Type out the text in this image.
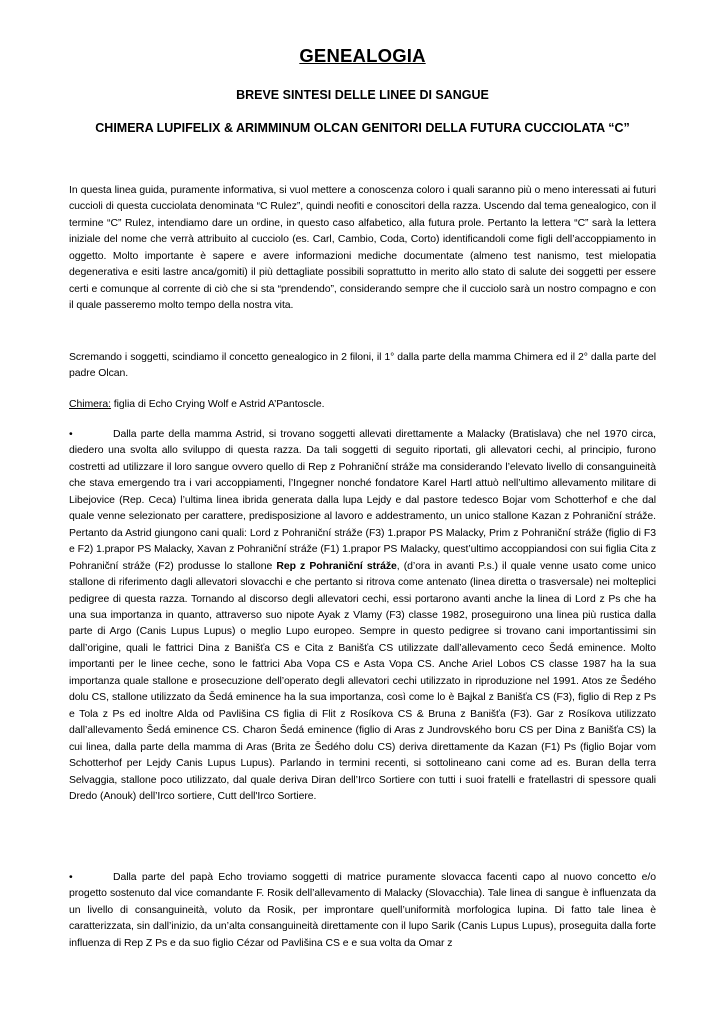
GENEALOGIA
BREVE SINTESI DELLE LINEE DI SANGUE
CHIMERA LUPIFELIX & ARIMMINUM OLCAN GENITORI DELLA FUTURA CUCCIOLATA “C”

In questa linea guida, puramente informativa, si vuol mettere a conoscenza coloro i quali saranno più o meno interessati ai futuri cuccioli di questa cucciolata denominata “C Rulez”, quindi neofiti e conoscitori della razza. Uscendo dal tema genealogico, con il termine “C” Rulez, intendiamo dare un ordine, in questo caso alfabetico, alla futura prole. Pertanto la lettera “C” sarà la lettera iniziale del nome che verrà attribuito al cucciolo (es. Carl, Cambio, Coda, Corto) identificandoli come figli dell’accoppiamento in oggetto. Molto importante è sapere e avere informazioni mediche documentate (almeno test nanismo, test mielopatia degenerativa e esiti lastre anca/gomiti) il più dettagliate possibili soprattutto in merito allo stato di salute dei soggetti per essere certi e comunque al corrente di ciò che si sta “prendendo”, considerando sempre che il cucciolo sarà un nostro compagno e con il quale passeremo molto tempo della nostra vita.

Scremando i soggetti, scindiamo il concetto genealogico in 2 filoni, il 1° dalla parte della mamma Chimera ed il 2° dalla parte del padre Olcan.

Chimera: figlia di Echo Crying Wolf e Astrid A’Pantoscle.

•	Dalla parte della mamma Astrid, si trovano soggetti allevati direttamente a Malacky (Bratislava) che nel 1970 circa, diedero una svolta allo sviluppo di questa razza. Da tali soggetti di seguito riportati, gli allevatori cechi, al principio, furono costretti ad utilizzare il loro sangue ovvero quello di Rep z Pohraniční stráže ma considerando l’elevato livello di consanguineità che stava emergendo tra i vari accoppiamenti, l’Ingegner nonché fondatore Karel Hartl attuò nell’ultimo allevamento militare di Libejovice (Rep. Ceca) l’ultima linea ibrida generata dalla lupa Lejdy e dal pastore tedesco Bojar vom Schotterhof e che dal quale venne selezionato per carattere, predisposizione al lavoro e addestramento, un unico stallone Kazan z Pohraniční stráže. Pertanto da Astrid giungono cani quali: Lord z Pohraniční stráže (F3) 1.prapor PS Malacky, Prim z Pohraniční stráže (figlio di F3 e F2) 1.prapor PS Malacky, Xavan z Pohraniční stráže (F1) 1.prapor PS Malacky, quest’ultimo accoppiandosi con sui figlia Cita z Pohraniční stráže (F2) produsse lo stallone Rep z Pohraniční stráže, (d’ora in avanti P.s.) il quale venne usato come unico stallone di riferimento dagli allevatori slovacchi e che pertanto si ritrova come antenato (linea diretta o trasversale) nei molteplici pedigree di questa razza. Tornando al discorso degli allevatori cechi, essi portarono avanti anche la linea di Lord z Ps che ha una sua importanza in quanto, attraverso suo nipote Ayak z Vlamy (F3) classe 1982, proseguirono una linea più rustica dalla parte di Argo (Canis Lupus Lupus) o meglio Lupo europeo. Sempre in questo pedigree si trovano cani importantissimi sin dall’origine, quali le fattrici Dina z Banišťa CS e Cita z Banišťa CS utilizzate dall’allevamento ceco Šedá eminence. Molto importanti per le linee ceche, sono le fattrici Aba Vopa CS e Asta Vopa CS. Anche Ariel Lobos CS classe 1987 ha la sua importanza quale stallone e prosecuzione dell’operato degli allevatori cechi utilizzato in riproduzione nel 1991. Atos ze Šedého dolu CS, stallone utilizzato da Šedá eminence ha la sua importanza, così come lo è Bajkal z Banišťa CS (F3), figlio di Rep z Ps e Tola z Ps ed inoltre Alda od Pavlišina CS figlia di Flit z Rosíkova CS & Bruna z Banišťa (F3). Gar z Rosíkova utilizzato dall’allevamento Šedá eminence CS. Charon Šedá eminence (figlio di Aras z Jundrovského boru CS per Dina z Banišťa CS) la cui linea, dalla parte della mamma di Aras (Brita ze Šedého dolu CS) deriva direttamente da Kazan (F1) Ps (figlio Bojar vom Schotterhof per Lejdy Canis Lupus Lupus). Parlando in termini recenti, si sottolineano cani come ad es. Buran della terra Selvaggia, stallone poco utilizzato, dal quale deriva Diran dell’Irco Sortiere con tutti i suoi fratelli e fratellastri di spessore quali Dredo (Anouk) dell’Irco sortiere, Cutt dell'Irco Sortiere.

•	Dalla parte del papà Echo troviamo soggetti di matrice puramente slovacca facenti capo al nuovo concetto e/o progetto sostenuto dal vice comandante F. Rosik dell’allevamento di Malacky (Slovacchia). Tale linea di sangue è influenzata da un livello di consanguineità, voluto da Rosik, per improntare quell’uniformità morfologica lupina. Di fatto tale linea è caratterizzata, sin dall’inizio, da un’alta consanguineità direttamente con il lupo Sarik (Canis Lupus Lupus), proseguita dalla forte influenza di Rep Z Ps e da suo figlio Cézar od Pavlišina CS e e sua volta da Omar z
